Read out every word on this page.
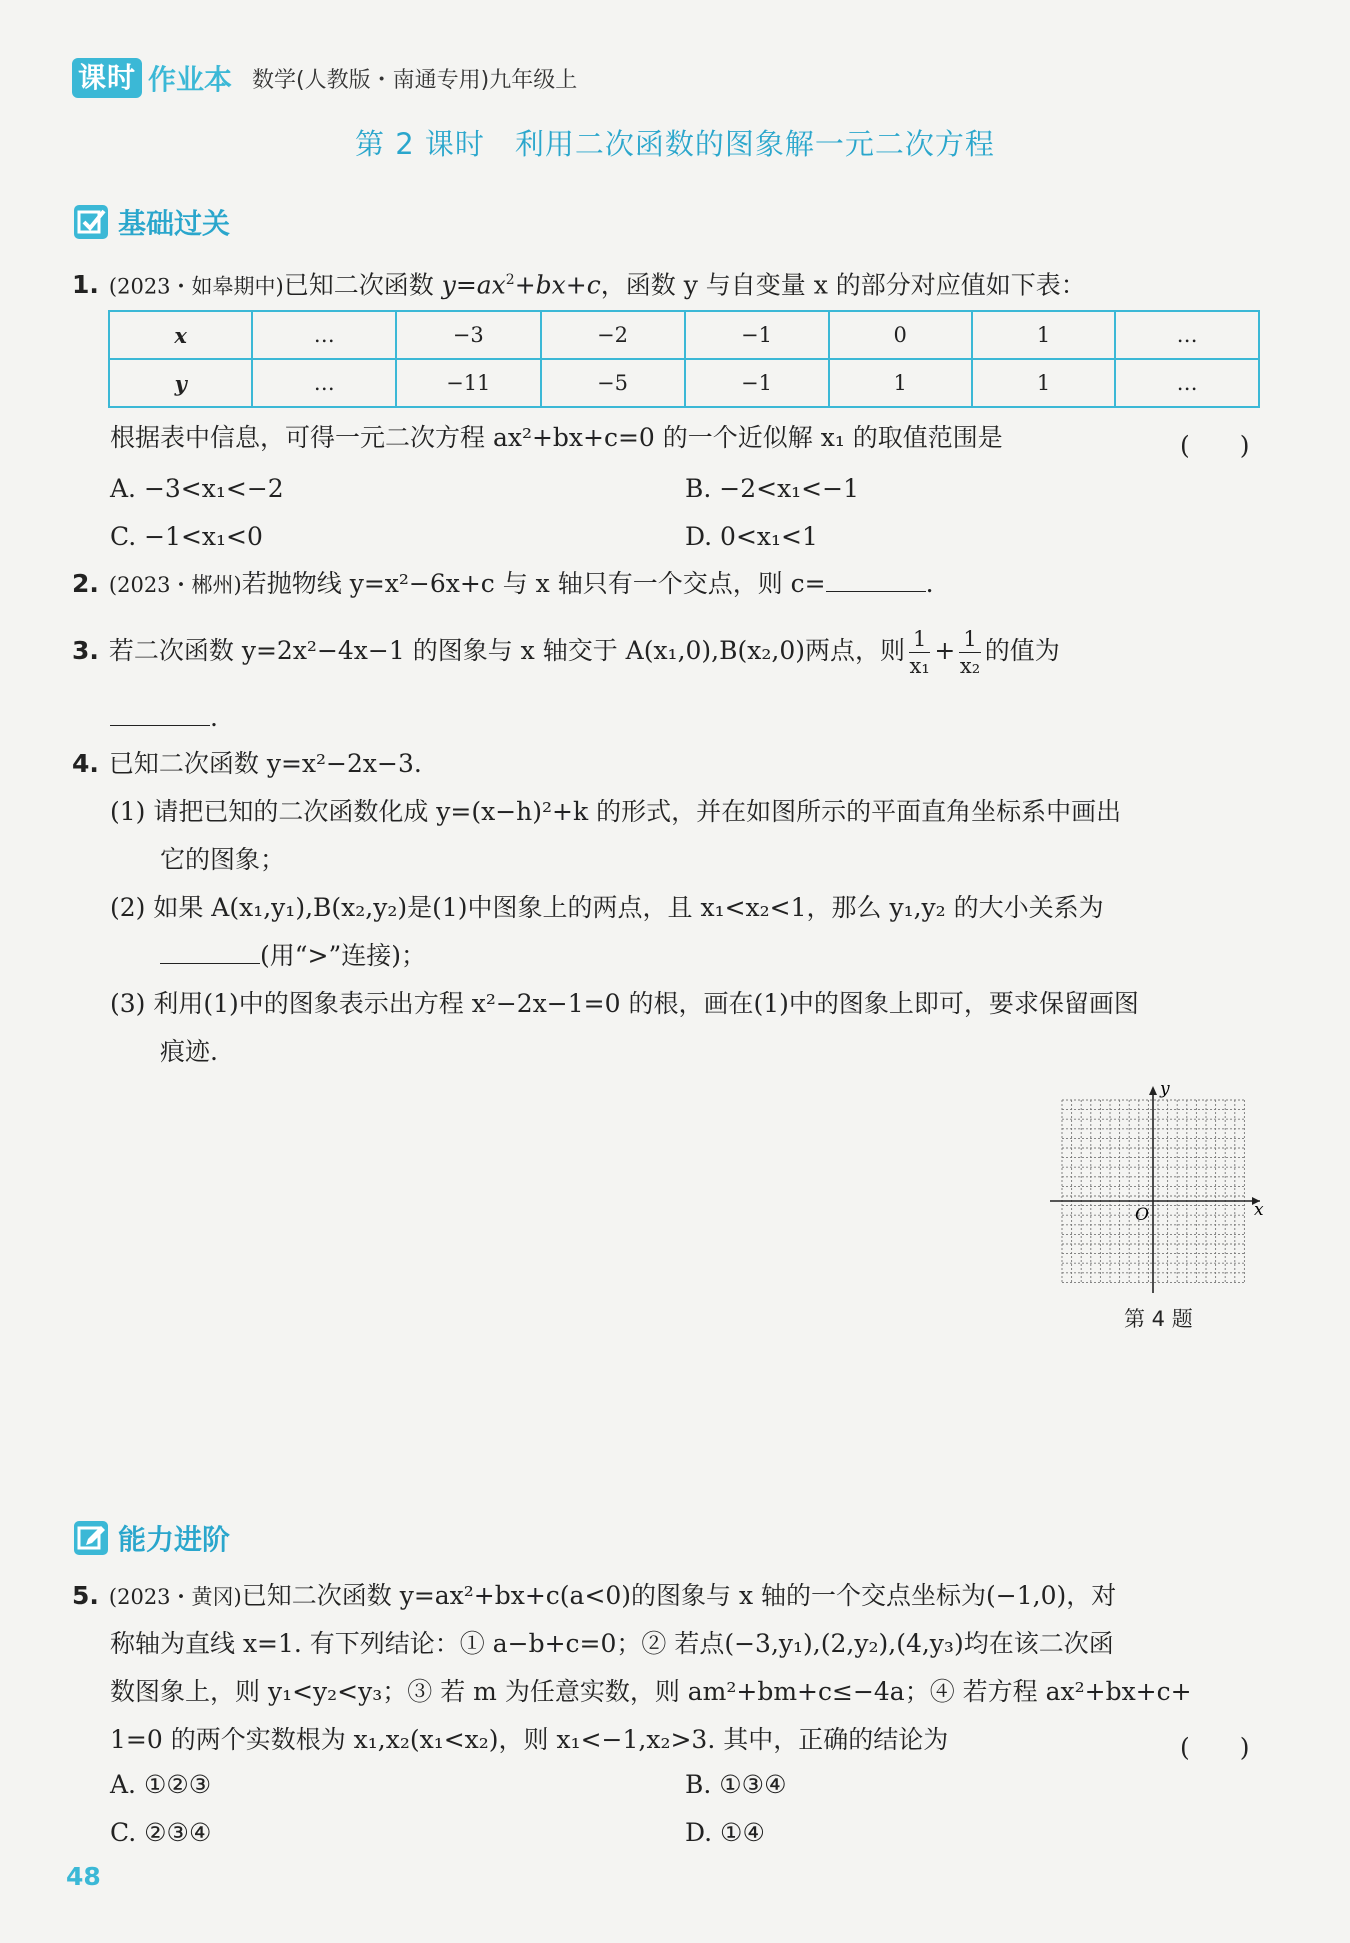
课时 作业本 数学(人教版・南通专用)九年级上
第 2 课时　利用二次函数的图象解一元二次方程
基础过关
1. (2023・如皋期中)已知二次函数 $y=ax^2+bx+c$，函数 y 与自变量 x 的部分对应值如下表：
x	…	−3	−2	−1	0	1	…
y	…	−11	−5	−1	1	1	…
根据表中信息，可得一元二次方程 ax²+bx+c=0 的一个近似解 x₁ 的取值范围是	(　　)
A. −3<x₁<−2	B. −2<x₁<−1
C. −1<x₁<0	D. 0<x₁<1
2. (2023・郴州)若抛物线 y=x²−6x+c 与 x 轴只有一个交点，则 c=	.
3. 若二次函数 y=2x²−4x−1 的图象与 x 轴交于 A(x₁,0),B(x₂,0)两点，则 $\frac{1}{\text{x₁}} + \frac{1}{\text{x₂}}$ 的值为
.
4. 已知二次函数 y=x²−2x−3.
(1) 请把已知的二次函数化成 y=(x−h)²+k 的形式，并在如图所示的平面直角坐标系中画出
它的图象；
(2) 如果 A(x₁,y₁),B(x₂,y₂)是(1)中图象上的两点，且 x₁<x₂<1，那么 y₁,y₂ 的大小关系为
(用“>”连接)；
(3) 利用(1)中的图象表示出方程 x²−2x−1=0 的根，画在(1)中的图象上即可，要求保留画图
痕迹.
x
y
O
第 4 题
能力进阶
5. (2023・黄冈)已知二次函数 y=ax²+bx+c(a<0)的图象与 x 轴的一个交点坐标为(−1,0)，对
称轴为直线 x=1. 有下列结论：① a−b+c=0；② 若点(−3,y₁),(2,y₂),(4,y₃)均在该二次函
数图象上，则 y₁<y₂<y₃；③ 若 m 为任意实数，则 am²+bm+c≤−4a；④ 若方程 ax²+bx+c+
1=0 的两个实数根为 x₁,x₂(x₁<x₂)，则 x₁<−1,x₂>3. 其中，正确的结论为	(　　)
A. ①②③	B. ①③④
C. ②③④	D. ①④
48
